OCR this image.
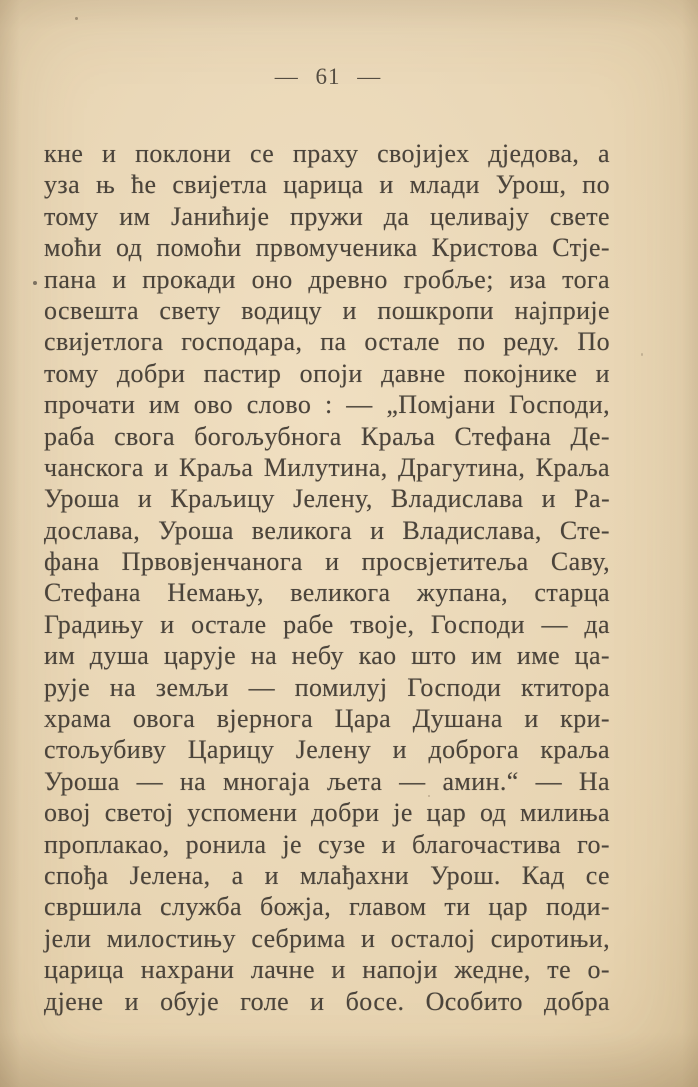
— 61 —
кне и поклони се праху својијех дједова, а
уза њ ће свијетла царица и млади Урош, по
тому им Јанићије пружи да целивају свете
моћи од помоћи првомученика Кристова Стје-
пана и прокади оно древно гробље; иза тога
освешта свету водицу и пошкропи најприје
свијетлога господара, па остале по реду. По
тому добри пастир опоји давне покојнике и
прочати им ово слово : — „Помјани Господи,
раба свога богољубнога Краља Стефана Де-
чанскога и Краља Милутина, Драгутина, Краља
Уроша и Краљицу Јелену, Владислава и Ра-
дослава, Уроша великога и Владислава, Сте-
фана Првовјенчанога и просвјетитеља Саву,
Стефана Немању, великога жупана, старца
Градињу и остале рабе твоје, Господи — да
им душа царује на небу као што им име ца-
рује на земљи — помилуј Господи ктитора
храма овога вјернога Цара Душана и кри-
стољубиву Царицу Јелену и доброга краља
Уроша — на многаја љета — амин.“ — На
овој светој успомени добри је цар од милиња
проплакао, ронила је сузе и благочастива го-
спођа Јелена, а и млађахни Урош. Кад се
свршила служба божја, главом ти цар поди-
јели милостињу себрима и осталој сиротињи,
царица нахрани лачне и напоји жедне, те о-
дјене и обује голе и босе. Особито добра
